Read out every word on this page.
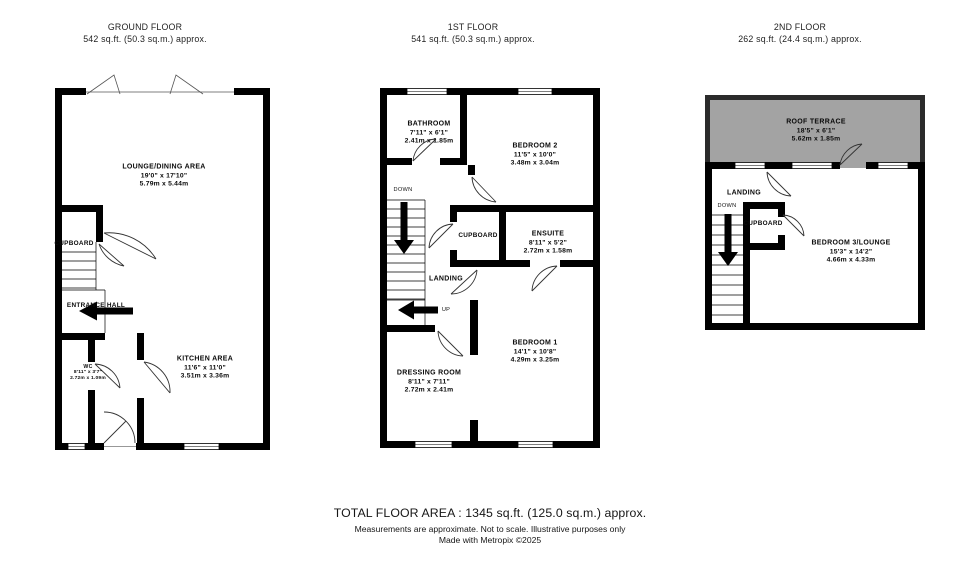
GROUND FLOOR
542 sq.ft. (50.3 sq.m.) approx.
1ST FLOOR
541 sq.ft. (50.3 sq.m.) approx.
2ND FLOOR
262 sq.ft. (24.4 sq.m.) approx.
LOUNGE/DINING AREA
19'0" x 17'10"
5.79m x 5.44m
CUPBOARD
ENTRANCE HALL
WC
8'11" x 3'7"
2.72m x 1.09m
KITCHEN AREA
11'6" x 11'0"
3.51m x 3.36m
BATHROOM
7'11" x 6'1"
2.41m x 1.85m
BEDROOM 2
11'5" x 10'0"
3.48m x 3.04m
ENSUITE
8'11" x 5'2"
2.72m x 1.58m
CUPBOARD
LANDING
DOWN
UP
BEDROOM 1
14'1" x 10'8"
4.29m x 3.25m
DRESSING ROOM
8'11" x 7'11"
2.72m x 2.41m
ROOF TERRACE
18'5" x 6'1"
5.62m x 1.85m
LANDING
DOWN
CUPBOARD
BEDROOM 3/LOUNGE
15'3" x 14'2"
4.66m x 4.33m
TOTAL FLOOR AREA : 1345 sq.ft. (125.0 sq.m.) approx.
Measurements are approximate. Not to scale. Illustrative purposes only
Made with Metropix ©2025
